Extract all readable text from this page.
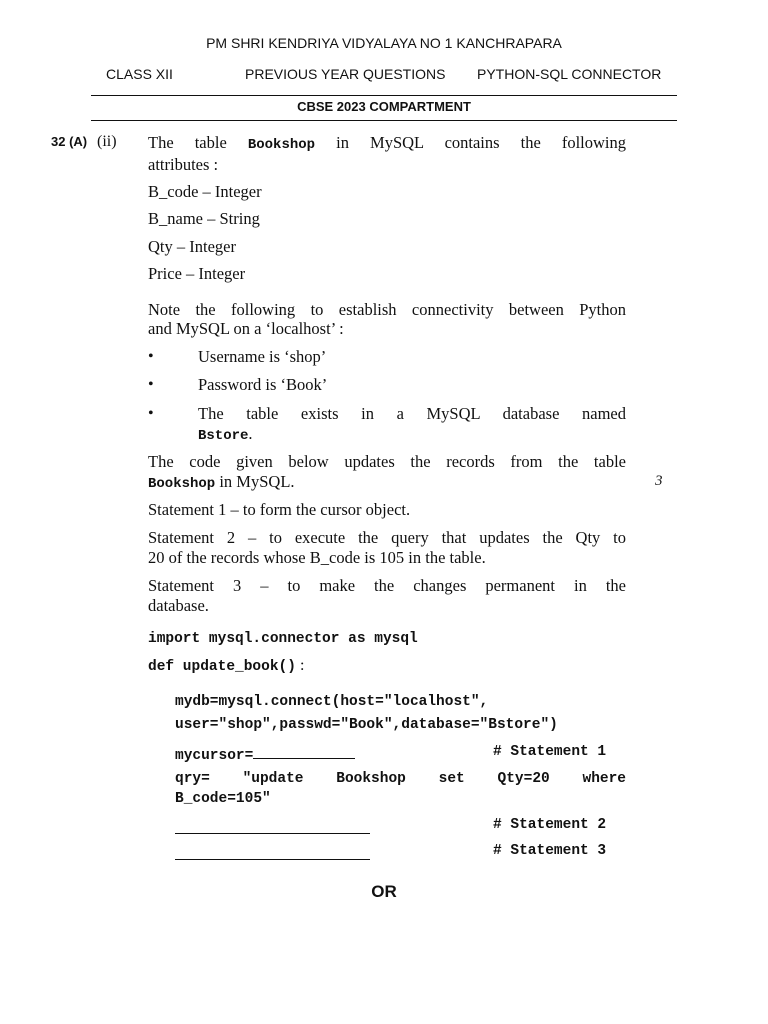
PM SHRI KENDRIYA VIDYALAYA NO 1 KANCHRAPARA
CLASS XII	PREVIOUS YEAR QUESTIONS PYTHON-SQL CONNECTOR
CBSE 2023 COMPARTMENT
32 (A) (ii)
3
The table Bookshop in MySQL contains the following
attributes :
B_code – Integer
B_name – String
Qty – Integer
Price – Integer
Note the following to establish connectivity between Python
and MySQL on a ‘localhost’ :
•	Username is ‘shop’
•	Password is ‘Book’
•	The table exists in a MySQL database named
Bstore.
The code given below updates the records from the table
Bookshop in MySQL.
Statement 1 – to form the cursor object.
Statement 2 – to execute the query that updates the Qty to
20 of the records whose B_code is 105 in the table.
Statement 3 – to make the changes permanent in the
database.
import mysql.connector as mysql
def update_book() :
mydb=mysql.connect(host="localhost",
user="shop",passwd="Book",database="Bstore")
mycursor=	# Statement 1
qry= "update Bookshop set Qty=20 where
B_code=105"
# Statement 2
# Statement 3
OR
